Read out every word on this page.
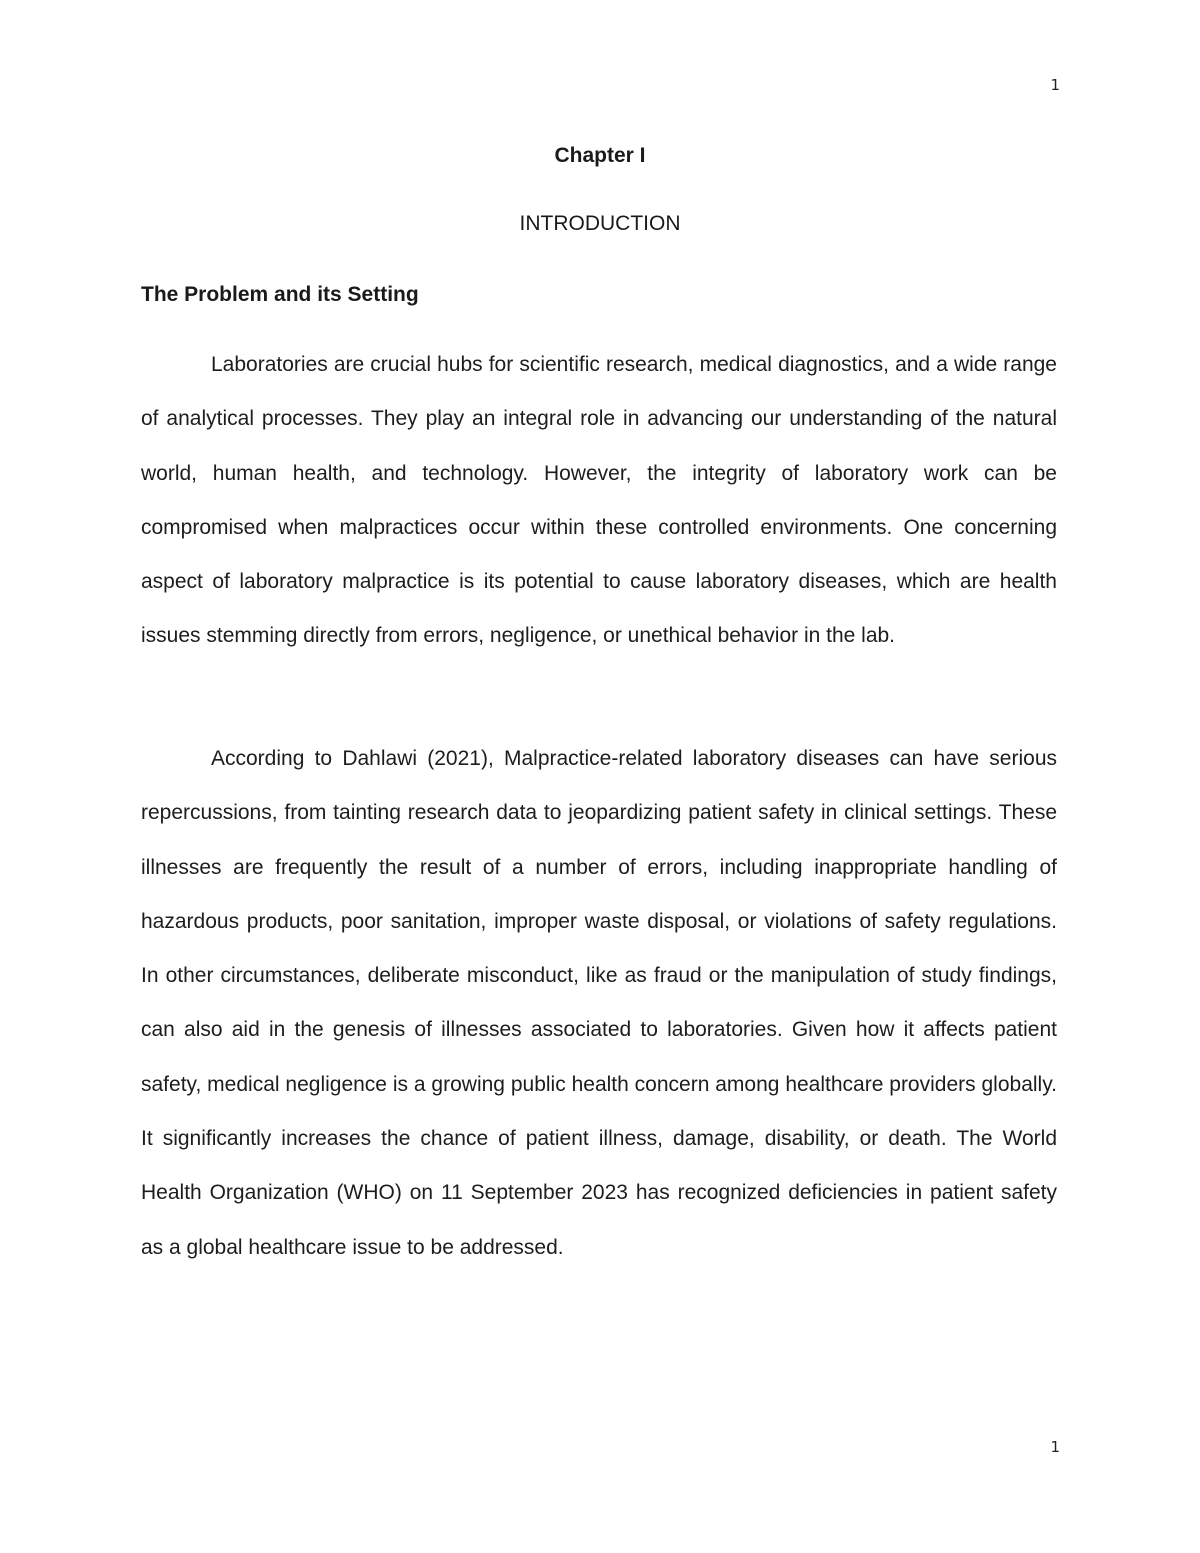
1
Chapter I
INTRODUCTION
The Problem and its Setting

Laboratories are crucial hubs for scientific research, medical diagnostics, and a wide range of analytical processes. They play an integral role in advancing our understanding of the natural world, human health, and technology. However, the integrity of laboratory work can be compromised when malpractices occur within these controlled environments. One concerning aspect of laboratory malpractice is its potential to cause laboratory diseases, which are health issues stemming directly from errors, negligence, or unethical behavior in the lab.

According to Dahlawi (2021), Malpractice-related laboratory diseases can have serious repercussions, from tainting research data to jeopardizing patient safety in clinical settings. These illnesses are frequently the result of a number of errors, including inappropriate handling of hazardous products, poor sanitation, improper waste disposal, or violations of safety regulations. In other circumstances, deliberate misconduct, like as fraud or the manipulation of study findings, can also aid in the genesis of illnesses associated to laboratories. Given how it affects patient safety, medical negligence is a growing public health concern among healthcare providers globally. It significantly increases the chance of patient illness, damage, disability, or death. The World Health Organization (WHO) on 11 September 2023 has recognized deficiencies in patient safety as a global healthcare issue to be addressed.

1
